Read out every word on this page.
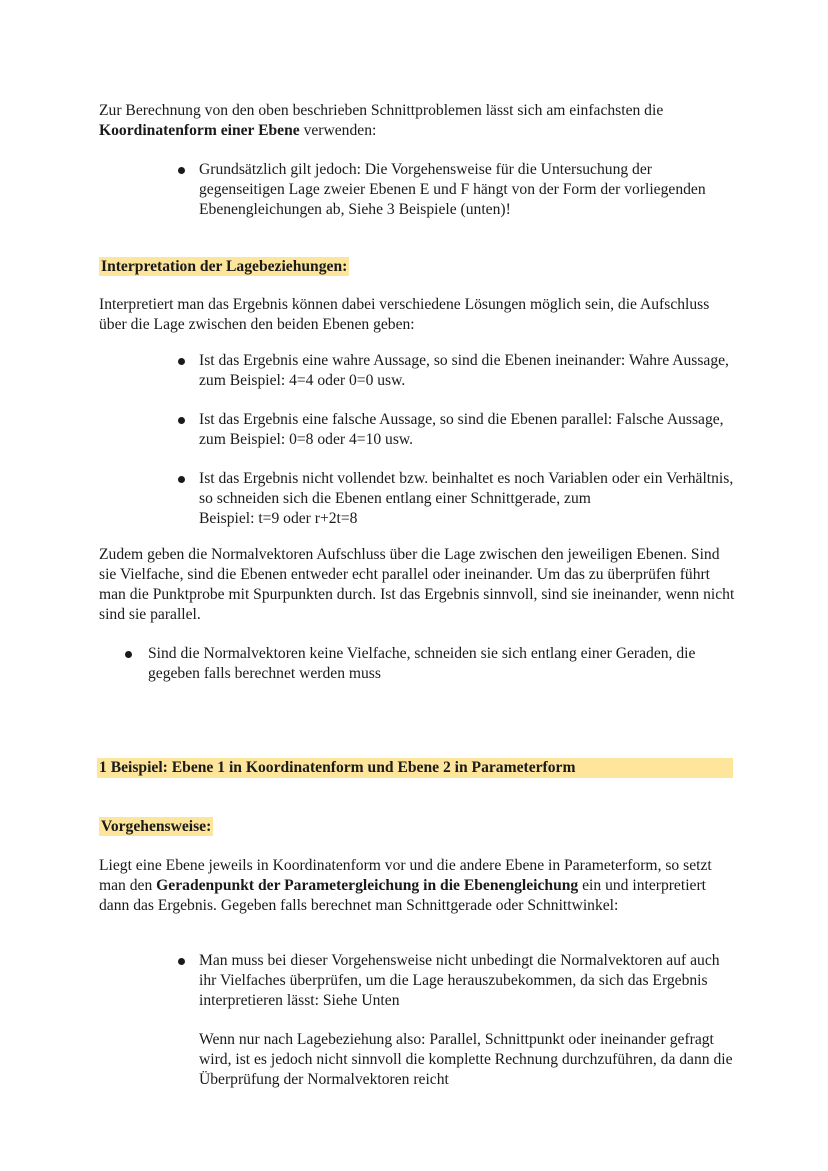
Zur Berechnung von den oben beschrieben Schnittproblemen lässt sich am einfachsten die
Koordinatenform einer Ebene verwenden:

Grundsätzlich gilt jedoch: Die Vorgehensweise für die Untersuchung der gegenseitigen Lage zweier Ebenen E und F hängt von der Form der vorliegenden Ebenengleichungen ab, Siehe 3 Beispiele (unten)!

Interpretation der Lagebeziehungen:

Interpretiert man das Ergebnis können dabei verschiedene Lösungen möglich sein, die Aufschluss über die Lage zwischen den beiden Ebenen geben:

Ist das Ergebnis eine wahre Aussage, so sind die Ebenen ineinander: Wahre Aussage, zum Beispiel: 4=4 oder 0=0 usw.

Ist das Ergebnis eine falsche Aussage, so sind die Ebenen parallel: Falsche Aussage, zum Beispiel: 0=8 oder 4=10 usw.

Ist das Ergebnis nicht vollendet bzw. beinhaltet es noch Variablen oder ein Verhältnis, so schneiden sich die Ebenen entlang einer Schnittgerade, zum
Beispiel: t=9 oder r+2t=8

Zudem geben die Normalvektoren Aufschluss über die Lage zwischen den jeweiligen Ebenen. Sind sie Vielfache, sind die Ebenen entweder echt parallel oder ineinander. Um das zu überprüfen führt man die Punktprobe mit Spurpunkten durch. Ist das Ergebnis sinnvoll, sind sie ineinander, wenn nicht sind sie parallel.

Sind die Normalvektoren keine Vielfache, schneiden sie sich entlang einer Geraden, die gegeben falls berechnet werden muss

1 Beispiel: Ebene 1 in Koordinatenform und Ebene 2 in Parameterform
Vorgehensweise:

Liegt eine Ebene jeweils in Koordinatenform vor und die andere Ebene in Parameterform, so setzt man den Geradenpunkt der Parametergleichung in die Ebenengleichung ein und interpretiert dann das Ergebnis. Gegeben falls berechnet man Schnittgerade oder Schnittwinkel:

Man muss bei dieser Vorgehensweise nicht unbedingt die Normalvektoren auf auch ihr Vielfaches überprüfen, um die Lage herauszubekommen, da sich das Ergebnis interpretieren lässt: Siehe Unten

Wenn nur nach Lagebeziehung also: Parallel, Schnittpunkt oder ineinander gefragt wird, ist es jedoch nicht sinnvoll die komplette Rechnung durchzuführen, da dann die Überprüfung der Normalvektoren reicht
